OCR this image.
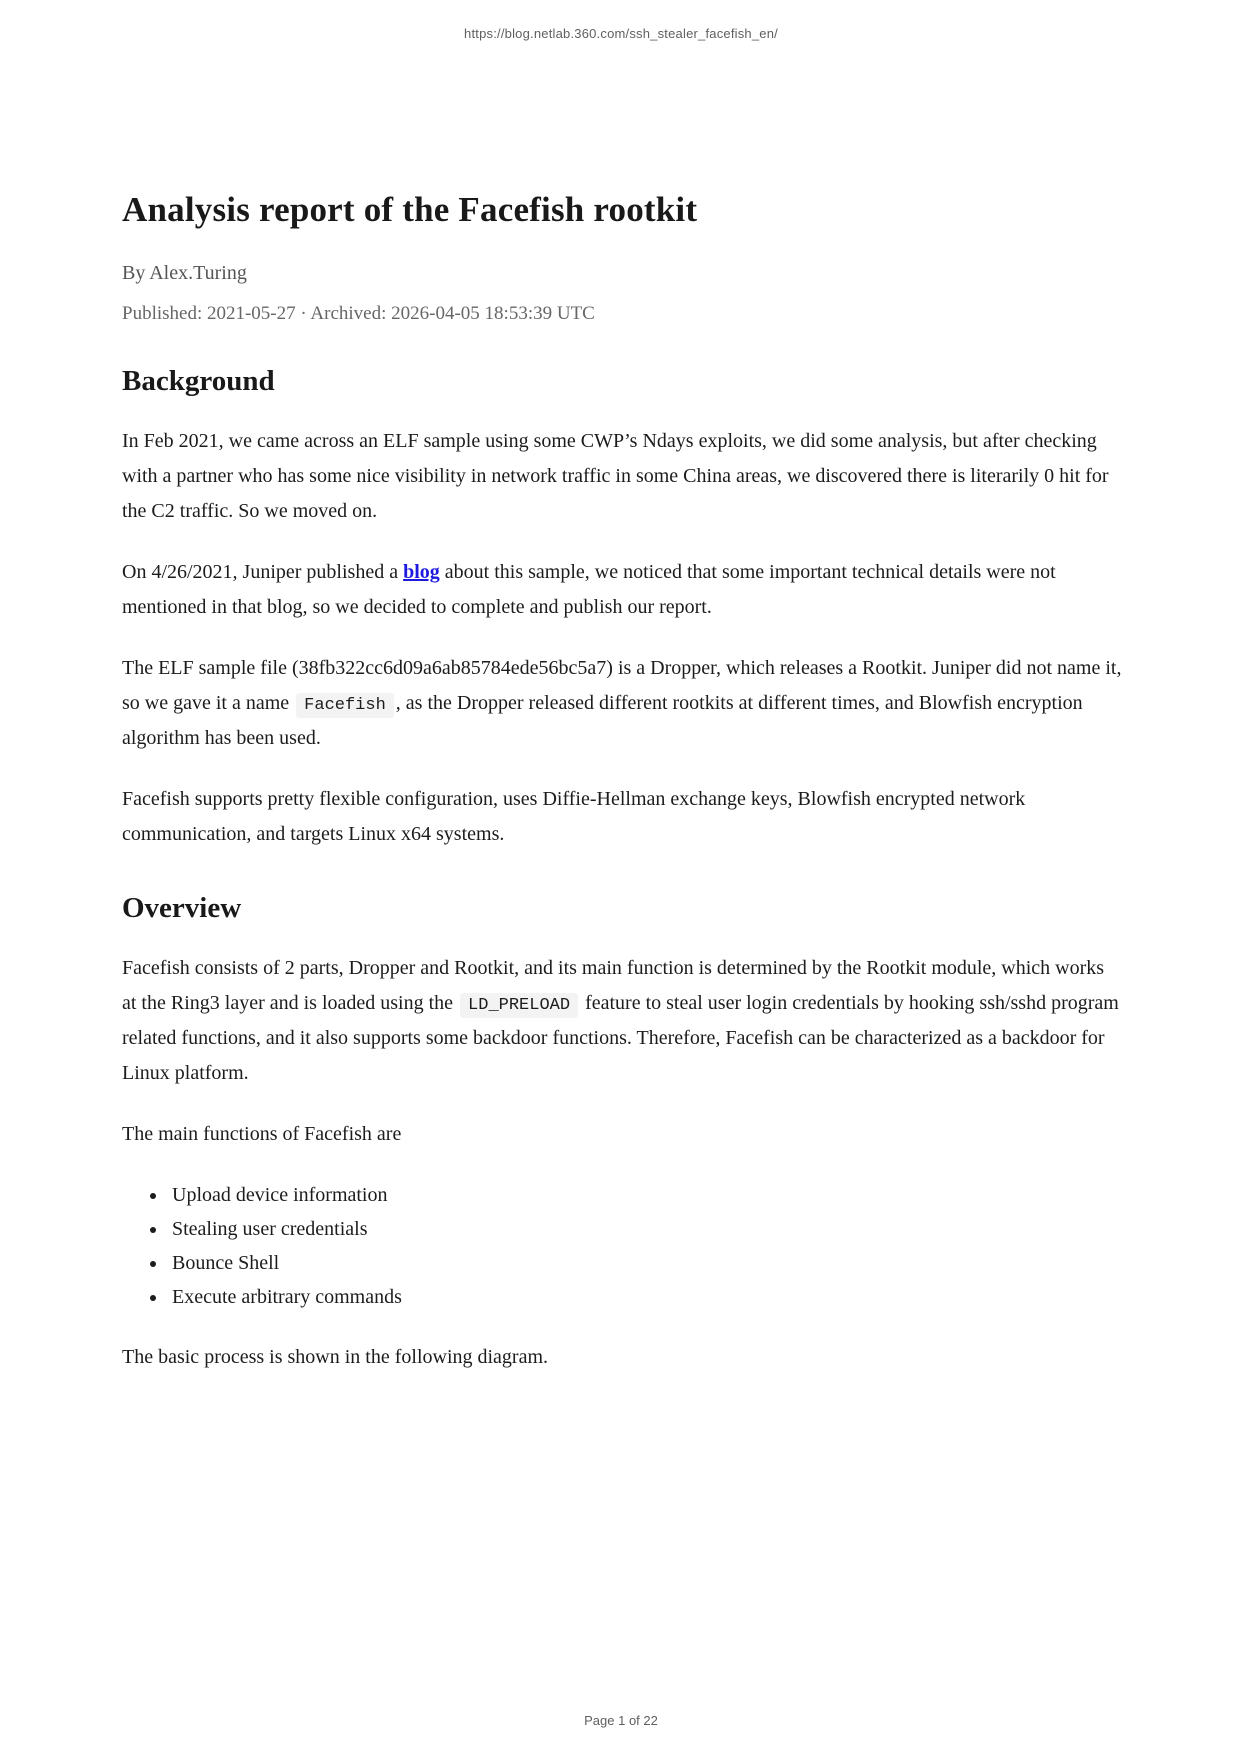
https://blog.netlab.360.com/ssh_stealer_facefish_en/
Analysis report of the Facefish rootkit
By Alex.Turing
Published: 2021-05-27 · Archived: 2026-04-05 18:53:39 UTC
Background

In Feb 2021, we came across an ELF sample using some CWP’s Ndays exploits, we did some analysis, but after checking with a partner who has some nice visibility in network traffic in some China areas, we discovered there is literarily 0 hit for the C2 traffic. So we moved on.

On 4/26/2021, Juniper published a blog about this sample, we noticed that some important technical details were not mentioned in that blog, so we decided to complete and publish our report.

The ELF sample file (38fb322cc6d09a6ab85784ede56bc5a7) is a Dropper, which releases a Rootkit. Juniper did not name it, so we gave it a name Facefish , as the Dropper released different rootkits at different times, and Blowfish encryption algorithm has been used.

Facefish supports pretty flexible configuration, uses Diffie-Hellman exchange keys, Blowfish encrypted network communication, and targets Linux x64 systems.

Overview

Facefish consists of 2 parts, Dropper and Rootkit, and its main function is determined by the Rootkit module, which works at the Ring3 layer and is loaded using the LD_PRELOAD feature to steal user login credentials by hooking ssh/sshd program related functions, and it also supports some backdoor functions. Therefore, Facefish can be characterized as a backdoor for Linux platform.

The main functions of Facefish are

• Upload device information
• Stealing user credentials
• Bounce Shell
• Execute arbitrary commands

The basic process is shown in the following diagram.

Page 1 of 22
